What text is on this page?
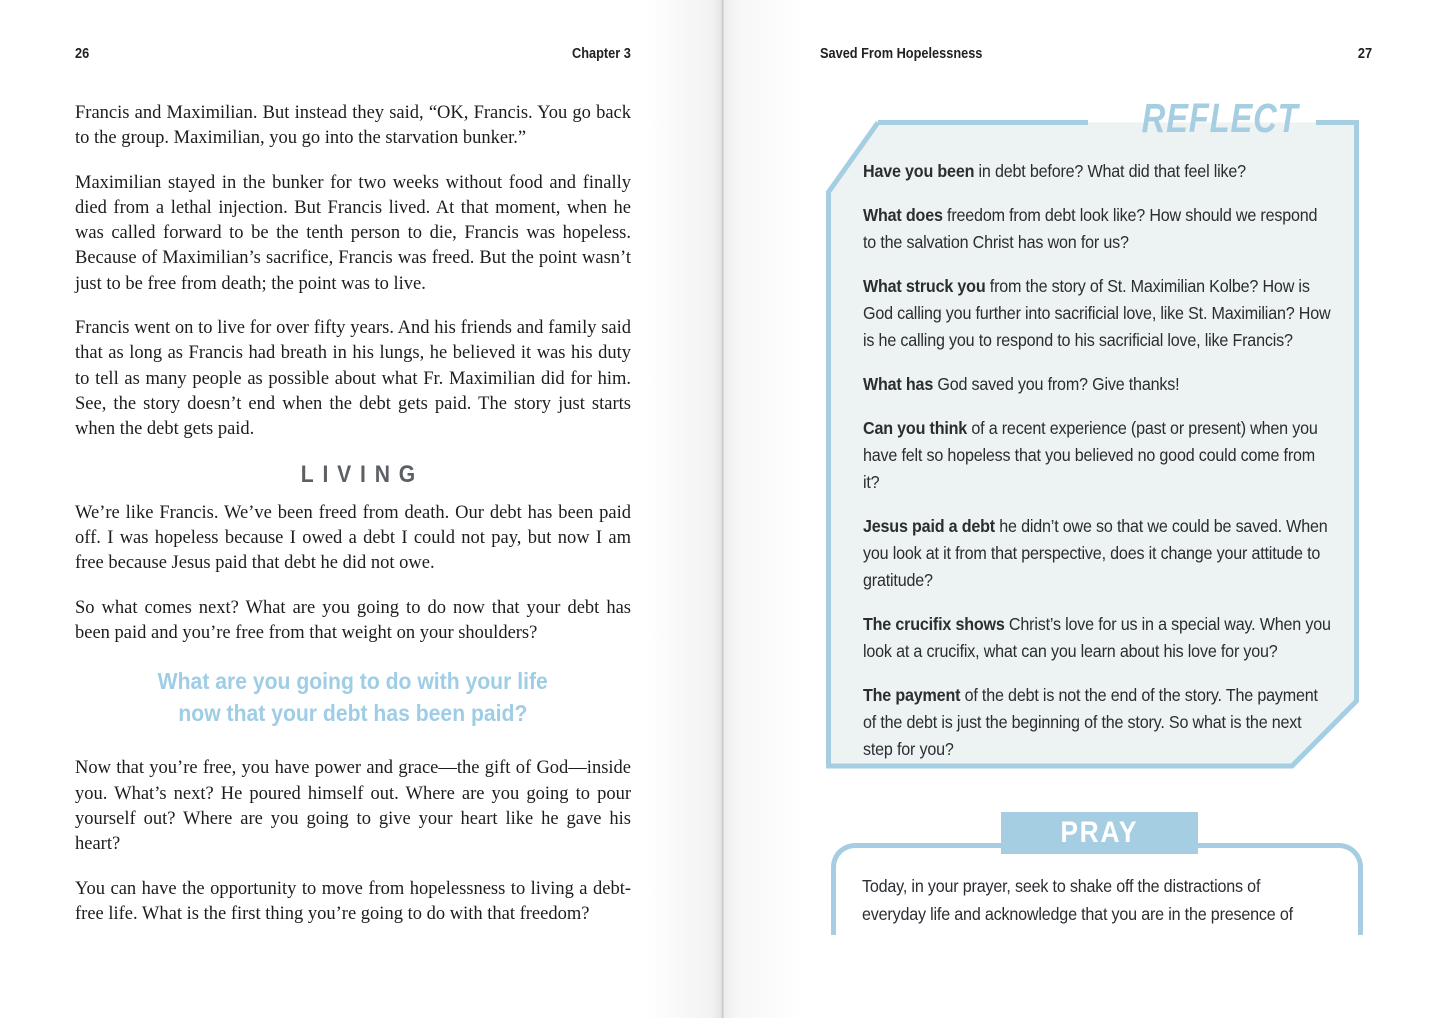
26	Chapter 3	Saved From Hopelessness	27

Francis and Maximilian. But instead they said, “OK, Francis. You go back to the group. Maximilian, you go into the starvation bunker.”

Maximilian stayed in the bunker for two weeks without food and finally died from a lethal injection. But Francis lived. At that moment, when he was called forward to be the tenth person to die, Francis was hopeless. Because of Maximilian’s sacrifice, Francis was freed. But the point wasn’t just to be free from death; the point was to live.

Francis went on to live for over fifty years. And his friends and family said that as long as Francis had breath in his lungs, he believed it was his duty to tell as many people as possible about what Fr. Maximilian did for him. See, the story doesn’t end when the debt gets paid. The story just starts when the debt gets paid.

LIVING

We’re like Francis. We’ve been freed from death. Our debt has been paid off. I was hopeless because I owed a debt I could not pay, but now I am free because Jesus paid that debt he did not owe.

So what comes next? What are you going to do now that your debt has been paid and you’re free from that weight on your shoulders?

What are you going to do with your life
now that your debt has been paid?

Now that you’re free, you have power and grace—the gift of God—inside you. What’s next? He poured himself out. Where are you going to pour yourself out? Where are you going to give your heart like he gave his heart?

You can have the opportunity to move from hopelessness to living a debt-free life. What is the first thing you’re going to do with that freedom?

REFLECT

Have you been in debt before? What did that feel like?

What does freedom from debt look like? How should we respond to the salvation Christ has won for us?

What struck you from the story of St. Maximilian Kolbe? How is God calling you further into sacrificial love, like St. Maximilian? How is he calling you to respond to his sacrificial love, like Francis?

What has God saved you from? Give thanks!

Can you think of a recent experience (past or present) when you have felt so hopeless that you believed no good could come from it?

Jesus paid a debt he didn’t owe so that we could be saved. When you look at it from that perspective, does it change your attitude to gratitude?

The crucifix shows Christ’s love for us in a special way. When you look at a crucifix, what can you learn about his love for you?

The payment of the debt is not the end of the story. The payment of the debt is just the beginning of the story. So what is the next step for you?

PRAY
Today, in your prayer, seek to shake off the distractions of
everyday life and acknowledge that you are in the presence of
